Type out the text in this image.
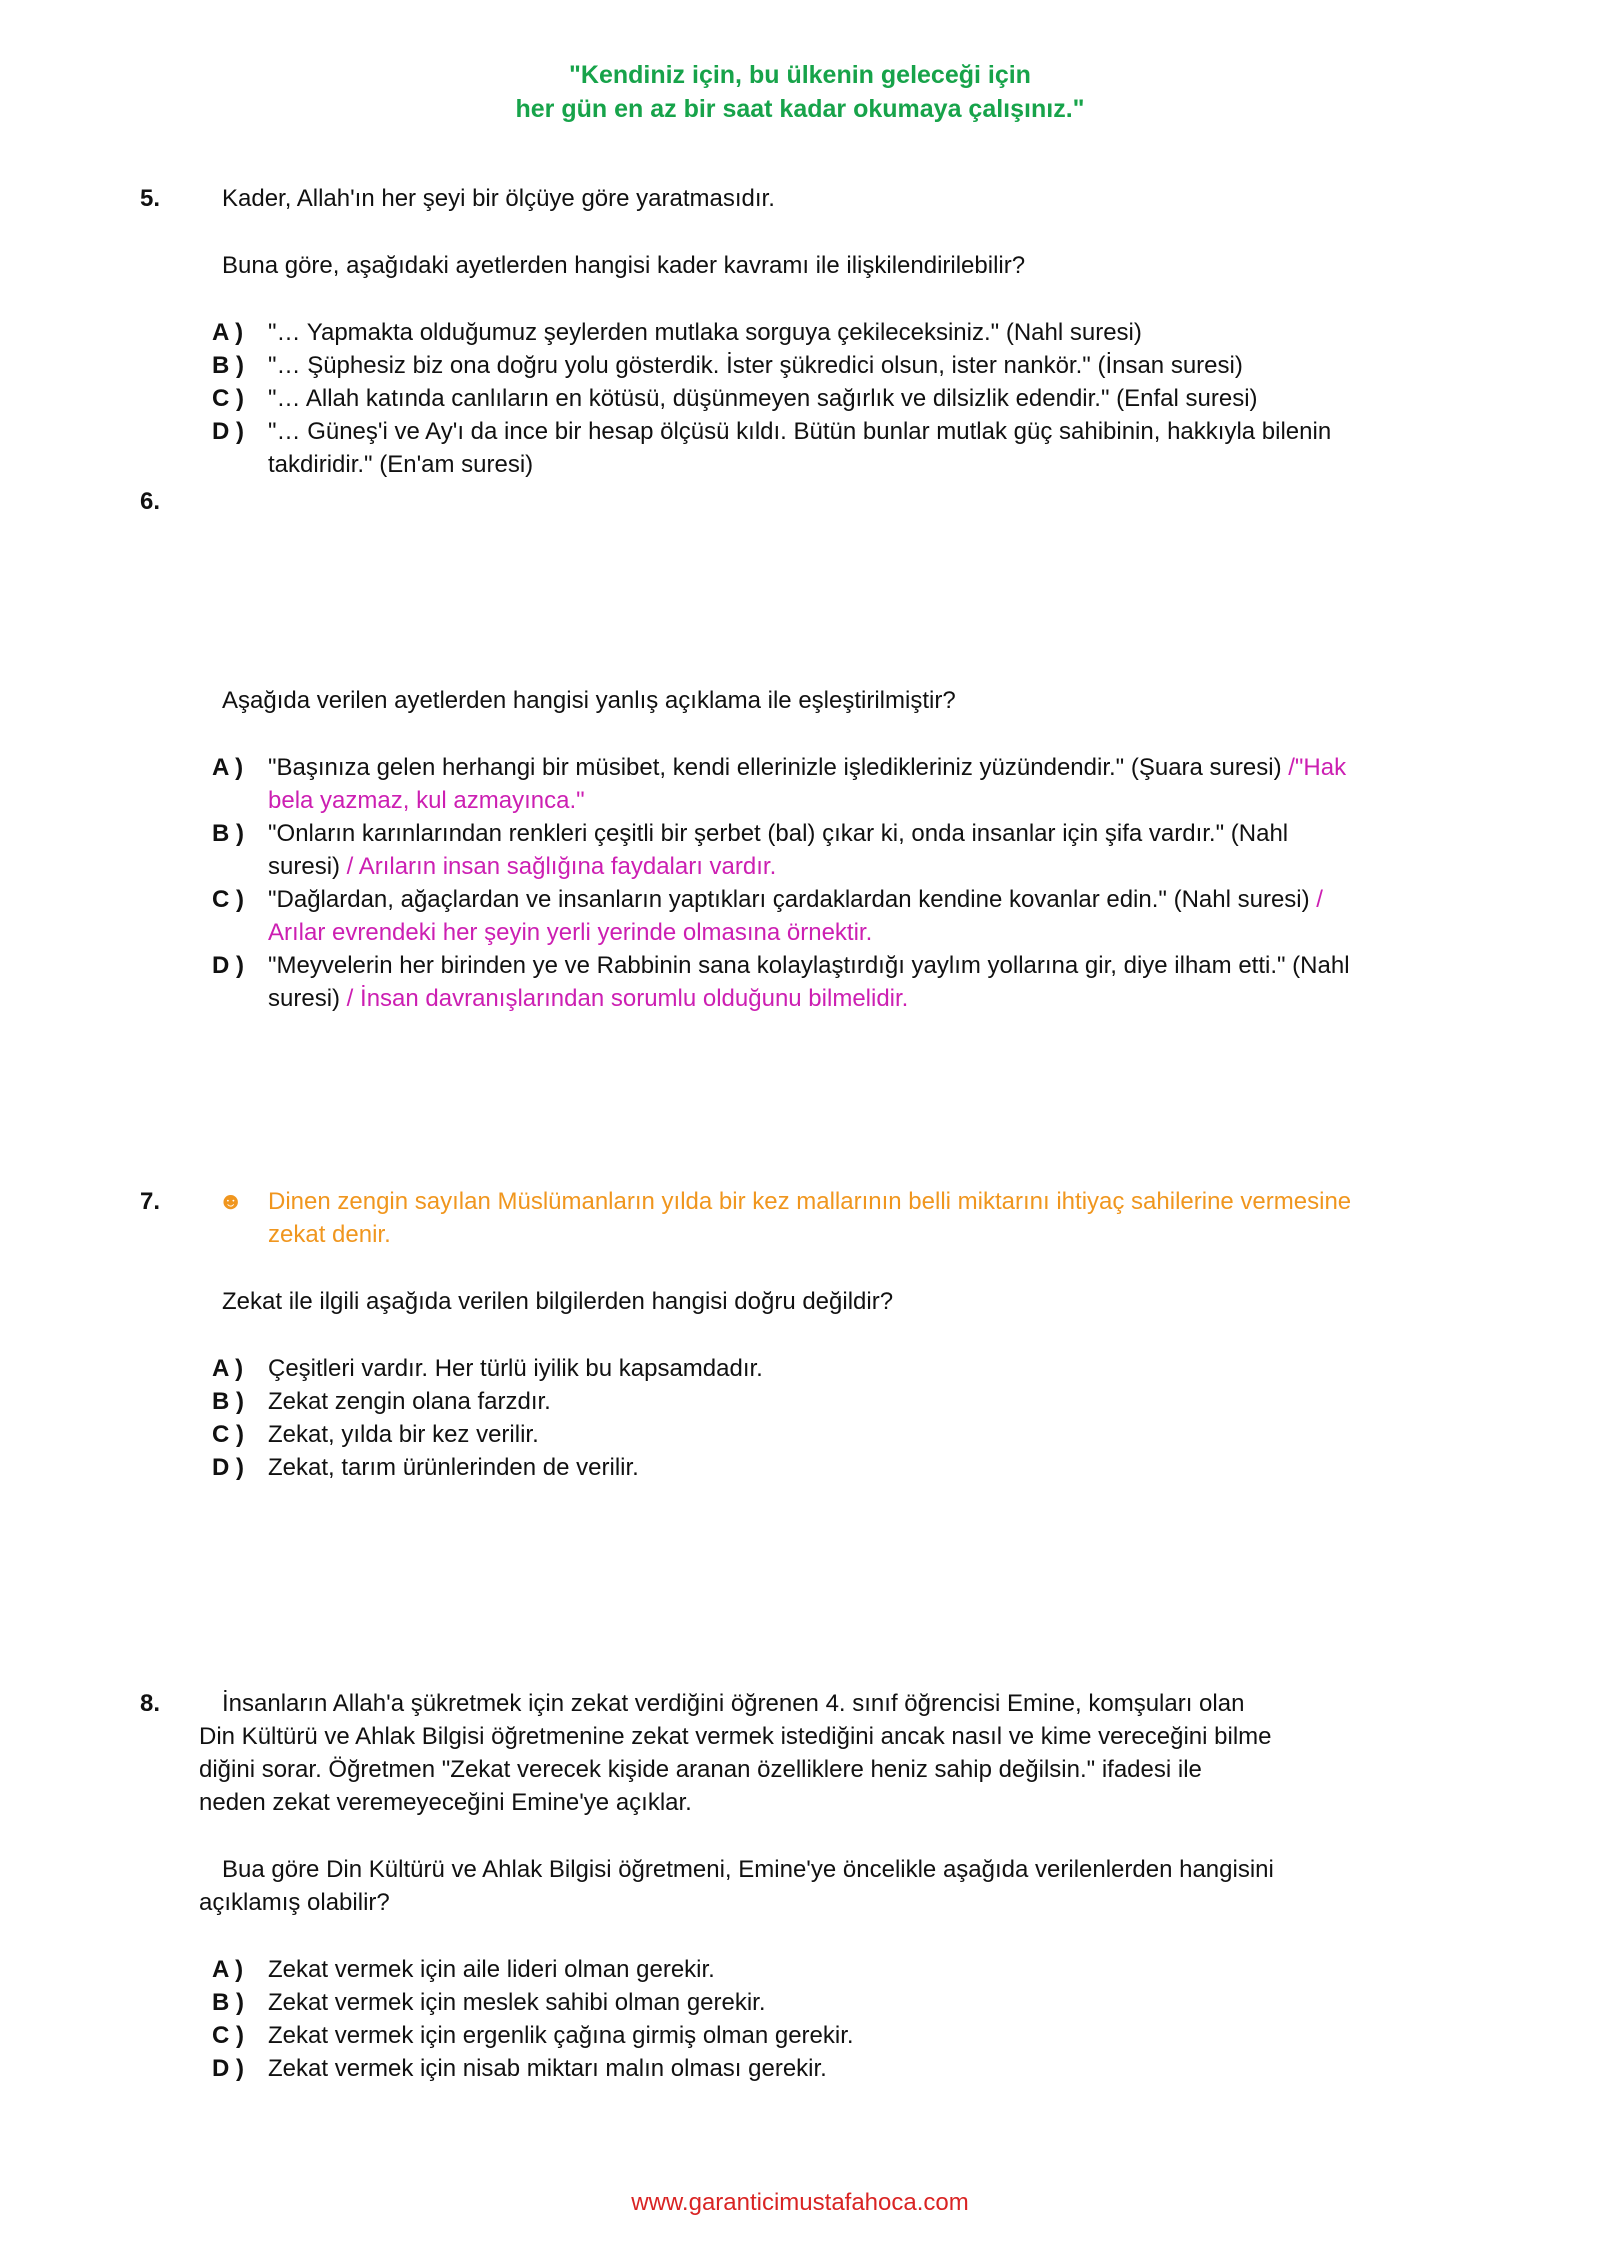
"Kendiniz için, bu ülkenin geleceği için
her gün en az bir saat kadar okumaya çalışınız."
5.	Kader, Allah'ın her şeyi bir ölçüye göre yaratmasıdır.
Buna göre, aşağıdaki ayetlerden hangisi kader kavramı ile ilişkilendirilebilir?
A ) "… Yapmakta olduğumuz şeylerden mutlaka sorguya çekileceksiniz." (Nahl suresi)
B ) "… Şüphesiz biz ona doğru yolu gösterdik. İster şükredici olsun, ister nankör." (İnsan suresi)
C ) "… Allah katında canlıların en kötüsü, düşünmeyen sağırlık ve dilsizlik edendir." (Enfal suresi)
D ) "… Güneş'i ve Ay'ı da ince bir hesap ölçüsü kıldı. Bütün bunlar mutlak güç sahibinin, hakkıyla bilenin takdiridir." (En'am suresi)
6.
Aşağıda verilen ayetlerden hangisi yanlış açıklama ile eşleştirilmiştir?
A ) "Başınıza gelen herhangi bir müsibet, kendi ellerinizle işledikleriniz yüzündendir." (Şuara suresi) /"Hak bela yazmaz, kul azmayınca."
B ) "Onların karınlarından renkleri çeşitli bir şerbet (bal) çıkar ki, onda insanlar için şifa vardır." (Nahl suresi) / Arıların insan sağlığına faydaları vardır.
C ) "Dağlardan, ağaçlardan ve insanların yaptıkları çardaklardan kendine kovanlar edin." (Nahl suresi) / Arılar evrendeki her şeyin yerli yerinde olmasına örnektir.
D ) "Meyvelerin her birinden ye ve Rabbinin sana kolaylaştırdığı yaylım yollarına gir, diye ilham etti." (Nahl suresi) / İnsan davranışlarından sorumlu olduğunu bilmelidir.
7. ☻ Dinen zengin sayılan Müslümanların yılda bir kez mallarının belli miktarını ihtiyaç sahilerine vermesine zekat denir.
Zekat ile ilgili aşağıda verilen bilgilerden hangisi doğru değildir?
A ) Çeşitleri vardır. Her türlü iyilik bu kapsamdadır.
B ) Zekat zengin olana farzdır.
C ) Zekat, yılda bir kez verilir.
D ) Zekat, tarım ürünlerinden de verilir.
8.	İnsanların Allah'a şükretmek için zekat verdiğini öğrenen 4. sınıf öğrencisi Emine, komşuları olan
Din Kültürü ve Ahlak Bilgisi öğretmenine zekat vermek istediğini ancak nasıl ve kime vereceğini bilme
diğini sorar. Öğretmen "Zekat verecek kişide aranan özelliklere heniz sahip değilsin." ifadesi ile
neden zekat veremeyeceğini Emine'ye açıklar.
Bua göre Din Kültürü ve Ahlak Bilgisi öğretmeni, Emine'ye öncelikle aşağıda verilenlerden hangisini
açıklamış olabilir?
A ) Zekat vermek için aile lideri olman gerekir.
B ) Zekat vermek için meslek sahibi olman gerekir.
C ) Zekat vermek için ergenlik çağına girmiş olman gerekir.
D ) Zekat vermek için nisab miktarı malın olması gerekir.
www.garanticimustafahoca.com
